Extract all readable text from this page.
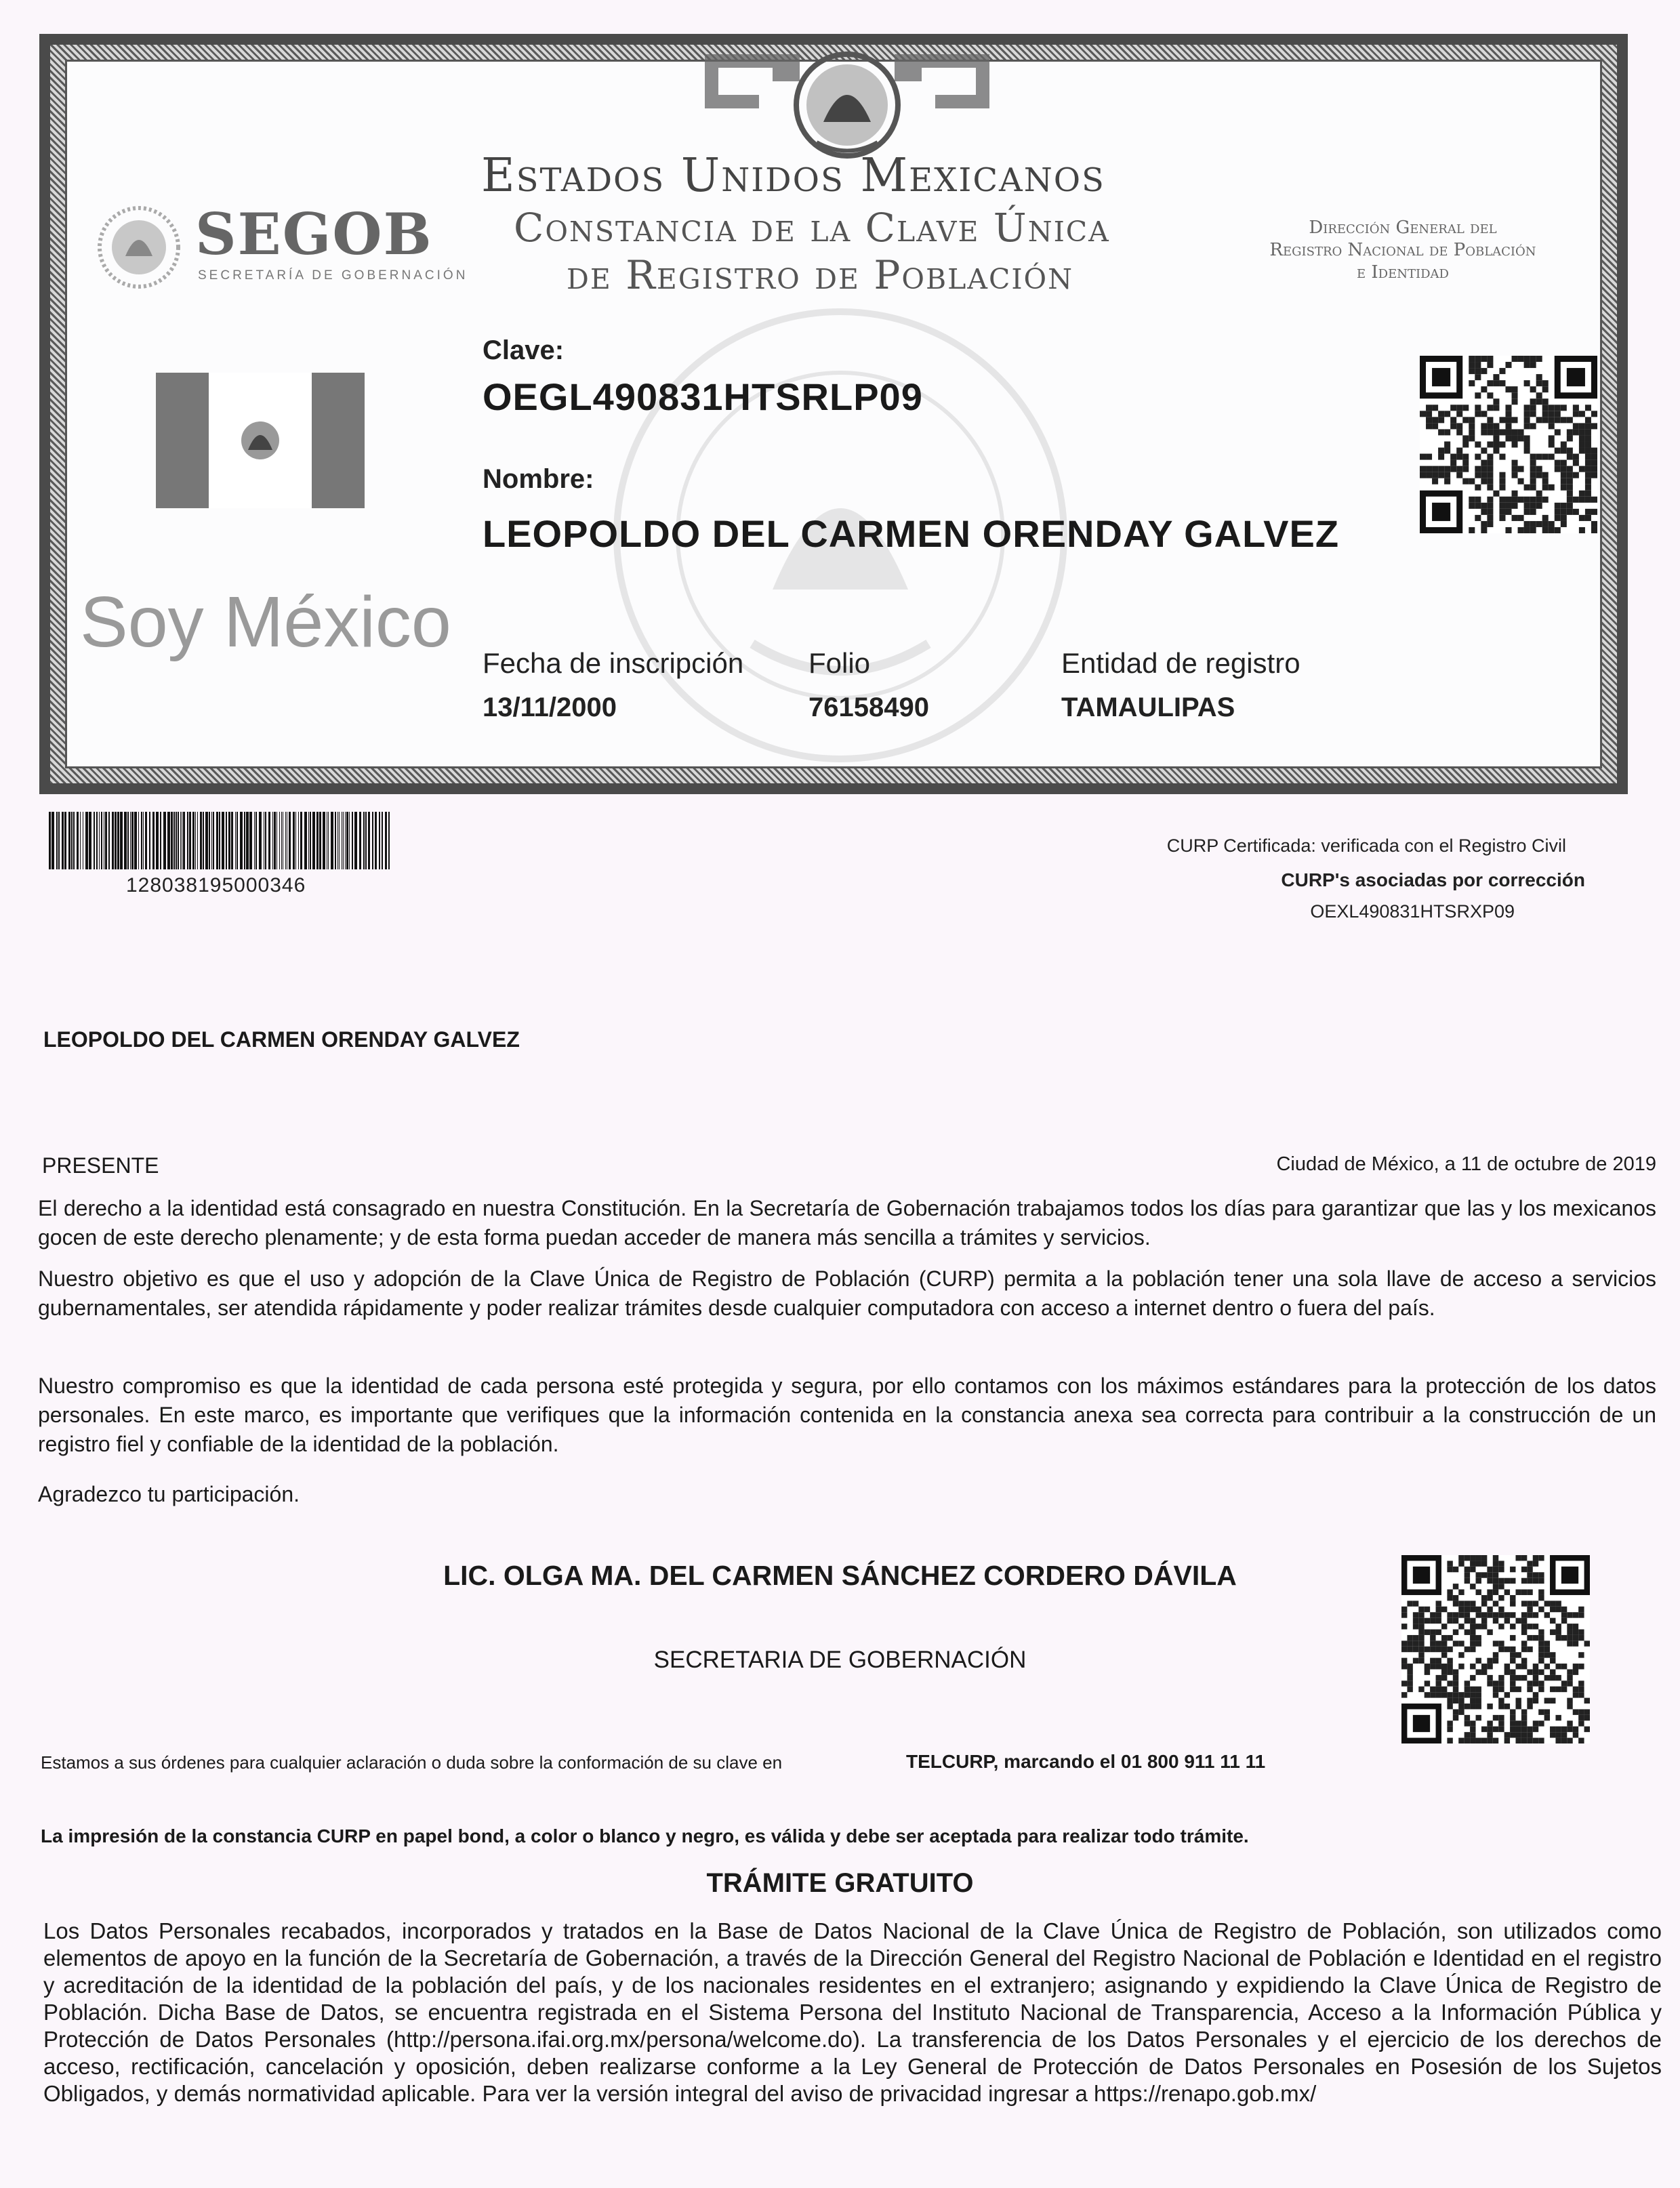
Estados Unidos Mexicanos
Constancia de la Clave Única
de Registro de Población
SEGOB
SECRETARÍA DE GOBERNACIÓN
Dirección General del
Registro Nacional de Población
e Identidad
Soy México
Clave:
OEGL490831HTSRLP09
Nombre:
LEOPOLDO DEL CARMEN ORENDAY GALVEZ
Fecha de inscripción
13/11/2000
Folio
76158490
Entidad de registro
TAMAULIPAS
128038195000346
CURP Certificada: verificada con el Registro Civil
CURP's asociadas por corrección
OEXL490831HTSRXP09
LEOPOLDO DEL CARMEN ORENDAY GALVEZ
PRESENTE	Ciudad de México, a 11 de octubre de 2019
El derecho a la identidad está consagrado en nuestra Constitución. En la Secretaría de Gobernación trabajamos todos los días para garantizar que las y los mexicanos gocen de este derecho plenamente; y de esta forma puedan acceder de manera más sencilla a trámites y servicios.
Nuestro objetivo es que el uso y adopción de la Clave Única de Registro de Población (CURP) permita a la población tener una sola llave de acceso a servicios gubernamentales, ser atendida rápidamente y poder realizar trámites desde cualquier computadora con acceso a internet dentro o fuera del país.
Nuestro compromiso es que la identidad de cada persona esté protegida y segura, por ello contamos con los máximos estándares para la protección de los datos personales. En este marco, es importante que verifiques que la información contenida en la constancia anexa sea correcta para contribuir a la construcción de un registro fiel y confiable de la identidad de la población.
Agradezco tu participación.
LIC. OLGA MA. DEL CARMEN SÁNCHEZ CORDERO DÁVILA
SECRETARIA DE GOBERNACIÓN
Estamos a sus órdenes para cualquier aclaración o duda sobre la conformación de su clave en	TELCURP, marcando el 01 800 911 11 11
La impresión de la constancia CURP en papel bond, a color o blanco y negro, es válida y debe ser aceptada para realizar todo trámite.
TRÁMITE GRATUITO
Los Datos Personales recabados, incorporados y tratados en la Base de Datos Nacional de la Clave Única de Registro de Población, son utilizados como elementos de apoyo en la función de la Secretaría de Gobernación, a través de la Dirección General del Registro Nacional de Población e Identidad en el registro y acreditación de la identidad de la población del país, y de los nacionales residentes en el extranjero; asignando y expidiendo la Clave Única de Registro de Población. Dicha Base de Datos, se encuentra registrada en el Sistema Persona del Instituto Nacional de Transparencia, Acceso a la Información Pública y Protección de Datos Personales (http://persona.ifai.org.mx/persona/welcome.do). La transferencia de los Datos Personales y el ejercicio de los derechos de acceso, rectificación, cancelación y oposición, deben realizarse conforme a la Ley General de Protección de Datos Personales en Posesión de los Sujetos Obligados, y demás normatividad aplicable. Para ver la versión integral del aviso de privacidad ingresar a https://renapo.gob.mx/
